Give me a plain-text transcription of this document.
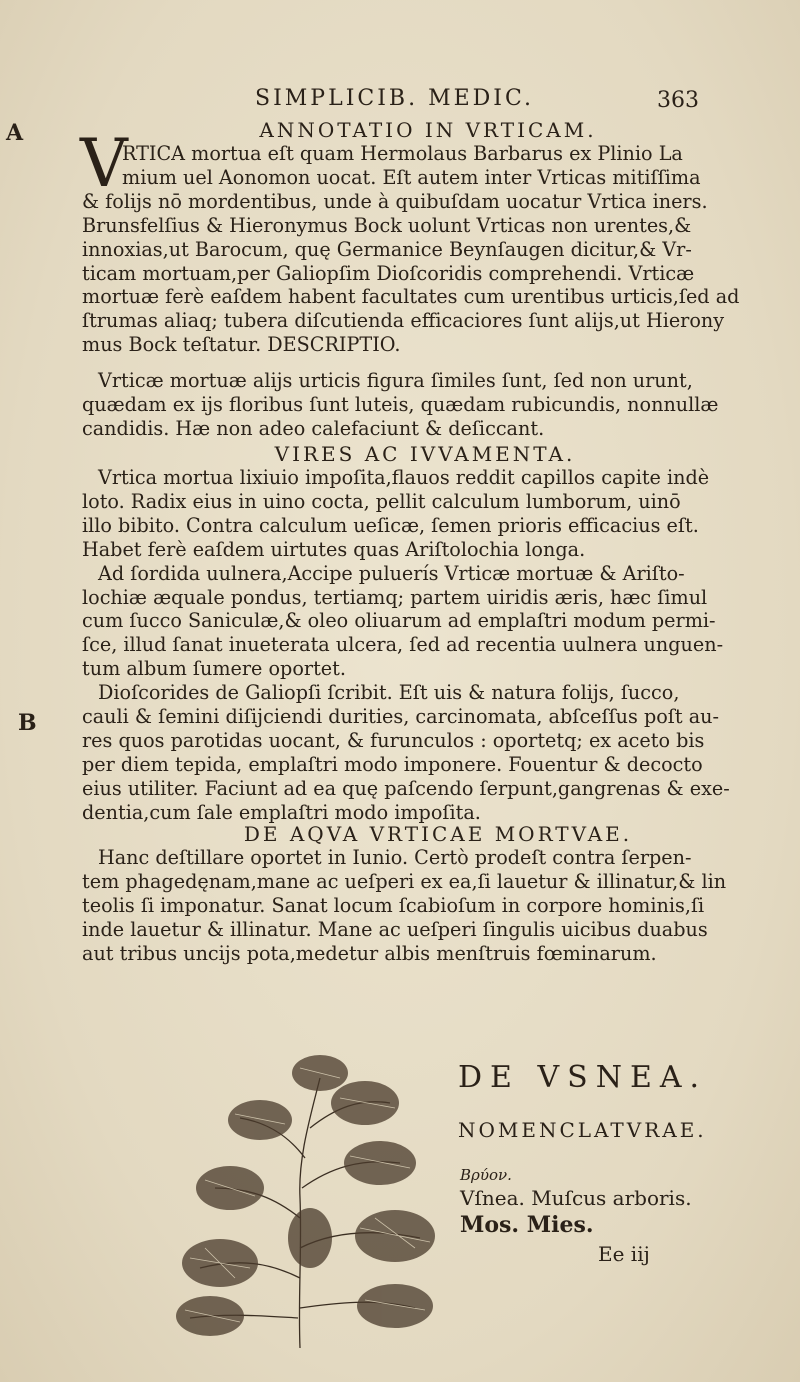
SIMPLICIB. MEDIC.	363
A
B
ANNOTATIO IN VRTICAM.
V

RTICA mortua eſt quam Hermolaus Barbarus ex Plinio La

mium uel Aonomon uocat. Eſt autem inter Vrticas mitiſſima

& folijs nō mordentibus, unde à quibuſdam uocatur Vrtica iners.

Brunsfelſius & Hieronymus Bock uolunt Vrticas non urentes,&

innoxias,ut Barocum, quę Germanice Beynſaugen dicitur,& Vr-

ticam mortuam,per Galiopſim Dioſcoridis comprehendi. Vrticæ

mortuæ ferè eaſdem habent facultates cum urentibus urticis,ſed ad

ſtrumas aliaq; tubera diſcutienda efficaciores ſunt alijs,ut Hierony

mus Bock teſtatur. DESCRIPTIO.

Vrticæ mortuæ alijs urticis figura ſimiles ſunt, ſed non urunt,

quædam ex ijs floribus ſunt luteis, quædam rubicundis, nonnullæ

candidis. Hæ non adeo calefaciunt & deſiccant.

VIRES AC IVVAMENTA.

Vrtica mortua lixiuio impoſita,flauos reddit capillos capite indè

loto. Radix eius in uino cocta, pellit calculum lumborum, uinō

illo bibito. Contra calculum ueſicæ, ſemen prioris efficacius eſt.

Habet ferè eaſdem uirtutes quas Ariſtolochia longa.

Ad ſordida uulnera,Accipe puluerís Vrticæ mortuæ & Ariſto-

lochiæ æquale pondus, tertiamq; partem uiridis æris, hæc ſimul

cum ſucco Saniculæ,& oleo oliuarum ad emplaſtri modum permi-

ſce, illud ſanat inueterata ulcera, ſed ad recentia uulnera unguen-

tum album ſumere oportet.

Dioſcorides de Galiopſi ſcribit. Eſt uis & natura folijs, ſucco,

cauli & ſemini diſijciendi durities, carcinomata, abſceſſus poſt au-

res quos parotidas uocant, & furunculos : oportetq; ex aceto bis

per diem tepida, emplaſtri modo imponere. Fouentur & decocto

eius utiliter. Faciunt ad ea quę paſcendo ſerpunt,gangrenas & exe-

dentia,cum ſale emplaſtri modo impoſita.

DE AQVA VRTICAE MORTVAE.

Hanc deſtillare oportet in Iunio. Certò prodeſt contra ſerpen-

tem phagedęnam,mane ac ueſperi ex ea,ſi lauetur & illinatur,& lin

teolis ſi imponatur. Sanat locum ſcabioſum in corpore hominis,ſi

inde lauetur & illinatur. Mane ac ueſperi ſingulis uicibus duabus

aut tribus uncijs pota,medetur albis menſtruis fœminarum.

DE VSNEA.
NOMENCLATVRAE.
Βρύον.
Vſnea. Muſcus arboris.
Mos. Mies.
Ee iij
